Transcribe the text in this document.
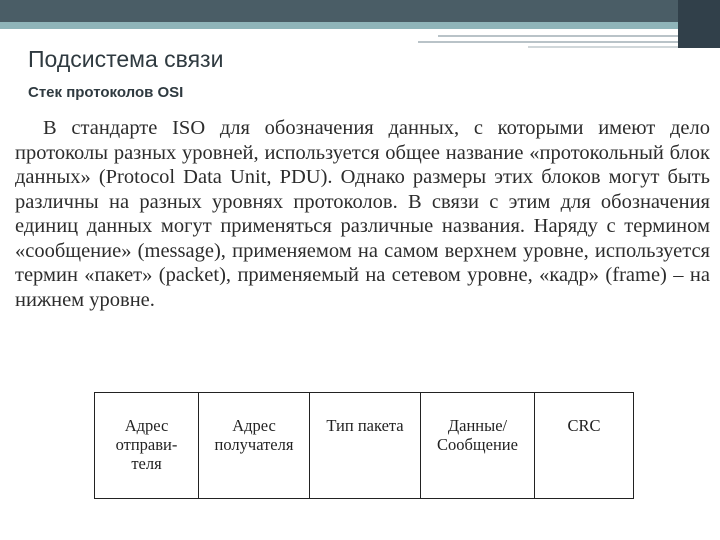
Подсистема связи
Стек протоколов OSI

В стандарте ISO для обозначения данных, с которыми имеют дело протоколы разных уровней, используется общее название «протокольный блок данных» (Protocol Data Unit, PDU). Однако размеры этих блоков могут быть различны на разных уровнях протоколов. В связи с этим для обозначения единиц данных могут применяться различные названия. Наряду с термином «сообщение» (message), применяемом на самом верхнем уровне, используется термин «пакет» (packet), применяемый на сетевом уровне, «кадр» (frame) – на нижнем уровне.

Адрес
отправи-
теля
Адрес
получателя
Тип пакета	Данные/
Сообщение
CRC
